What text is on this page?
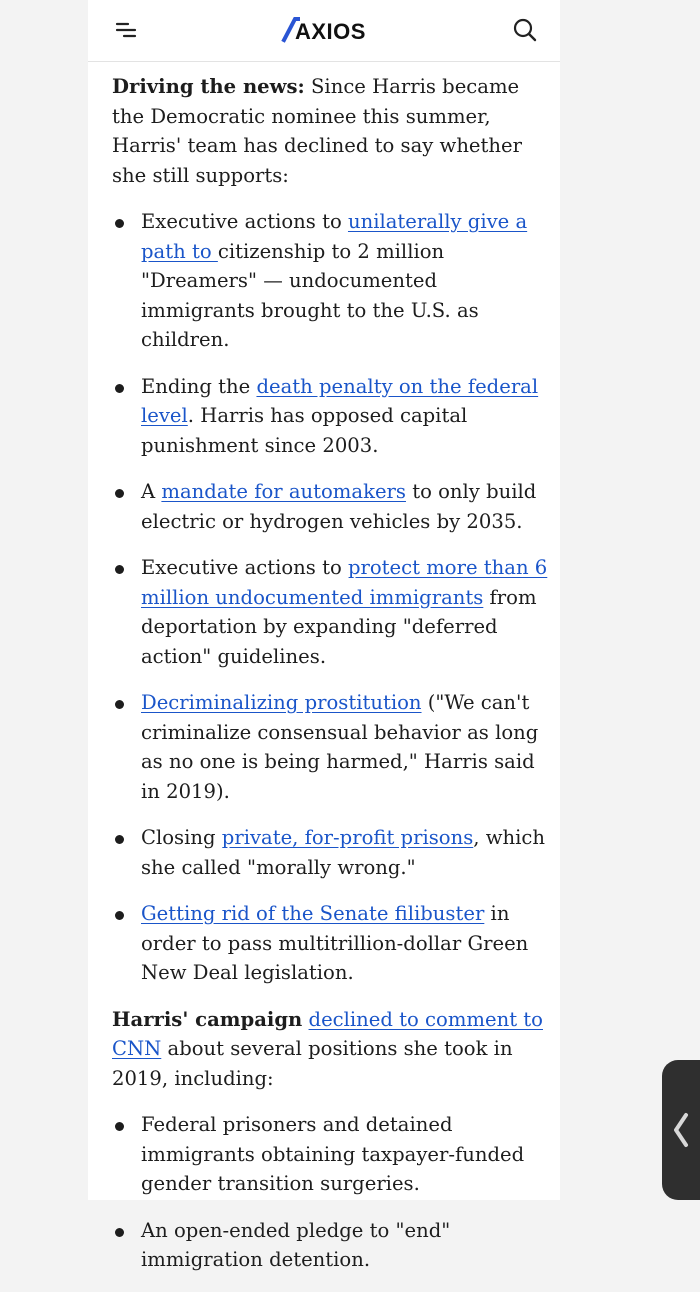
AXIOS

Driving the news: Since Harris became the Democratic nominee this summer, Harris' team has declined to say whether she still supports:

Executive actions to unilaterally give a path to citizenship to 2 million "Dreamers" — undocumented immigrants brought to the U.S. as children.
Ending the death penalty on the federal level. Harris has opposed capital punishment since 2003.
A mandate for automakers to only build electric or hydrogen vehicles by 2035.
Executive actions to protect more than 6 million undocumented immigrants from deportation by expanding "deferred action" guidelines.
Decriminalizing prostitution ("We can't criminalize consensual behavior as long as no one is being harmed," Harris said in 2019).
Closing private, for-profit prisons, which she called "morally wrong."
Getting rid of the Senate filibuster in order to pass multitrillion-dollar Green New Deal legislation.

Harris' campaign declined to comment to CNN about several positions she took in 2019, including:

Federal prisoners and detained immigrants obtaining taxpayer-funded gender transition surgeries.
An open-ended pledge to "end" immigration detention.
